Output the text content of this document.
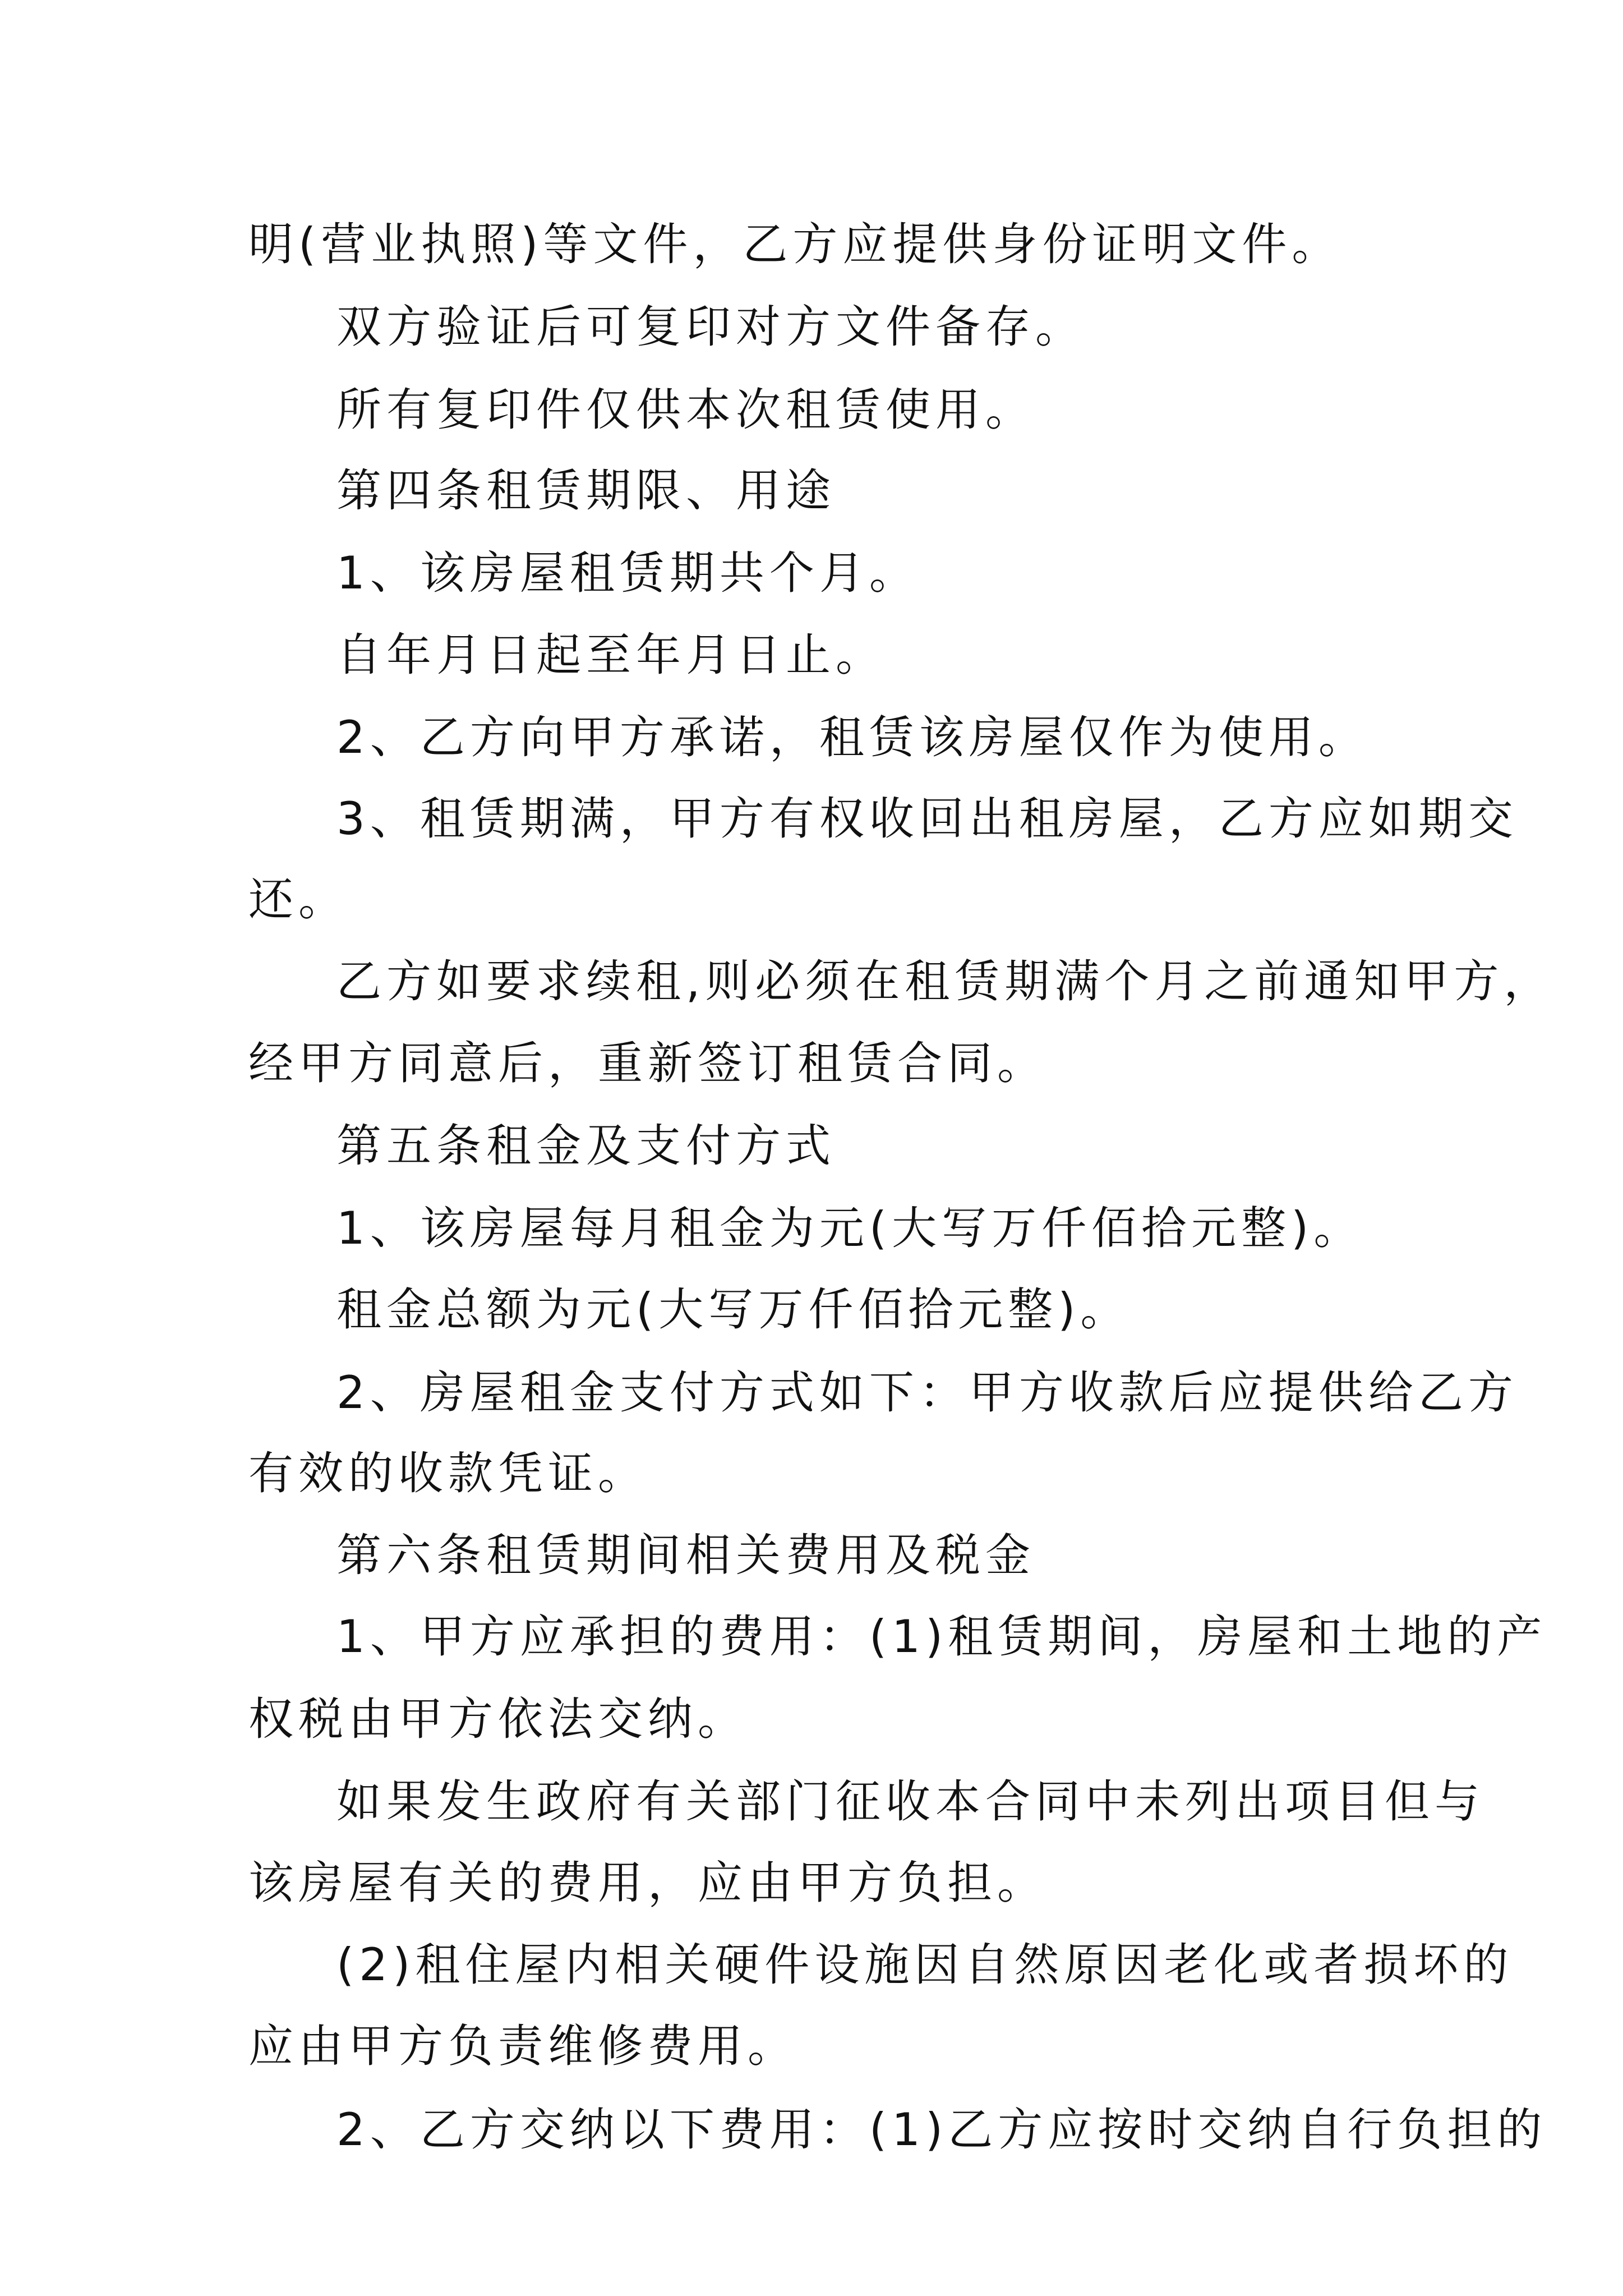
明(营业执照)等文件，乙方应提供身份证明文件。
双方验证后可复印对方文件备存。
所有复印件仅供本次租赁使用。
第四条租赁期限、用途
1、该房屋租赁期共个月。
自年月日起至年月日止。
2、乙方向甲方承诺，租赁该房屋仅作为使用。
3、租赁期满，甲方有权收回出租房屋，乙方应如期交
还。
乙方如要求续租,则必须在租赁期满个月之前通知甲方，
经甲方同意后，重新签订租赁合同。
第五条租金及支付方式
1、该房屋每月租金为元(大写万仟佰拾元整)。
租金总额为元(大写万仟佰拾元整)。
2、房屋租金支付方式如下：甲方收款后应提供给乙方
有效的收款凭证。
第六条租赁期间相关费用及税金
1、甲方应承担的费用：(1)租赁期间，房屋和土地的产
权税由甲方依法交纳。
如果发生政府有关部门征收本合同中未列出项目但与
该房屋有关的费用，应由甲方负担。
(2)租住屋内相关硬件设施因自然原因老化或者损坏的
应由甲方负责维修费用。
2、乙方交纳以下费用：(1)乙方应按时交纳自行负担的
